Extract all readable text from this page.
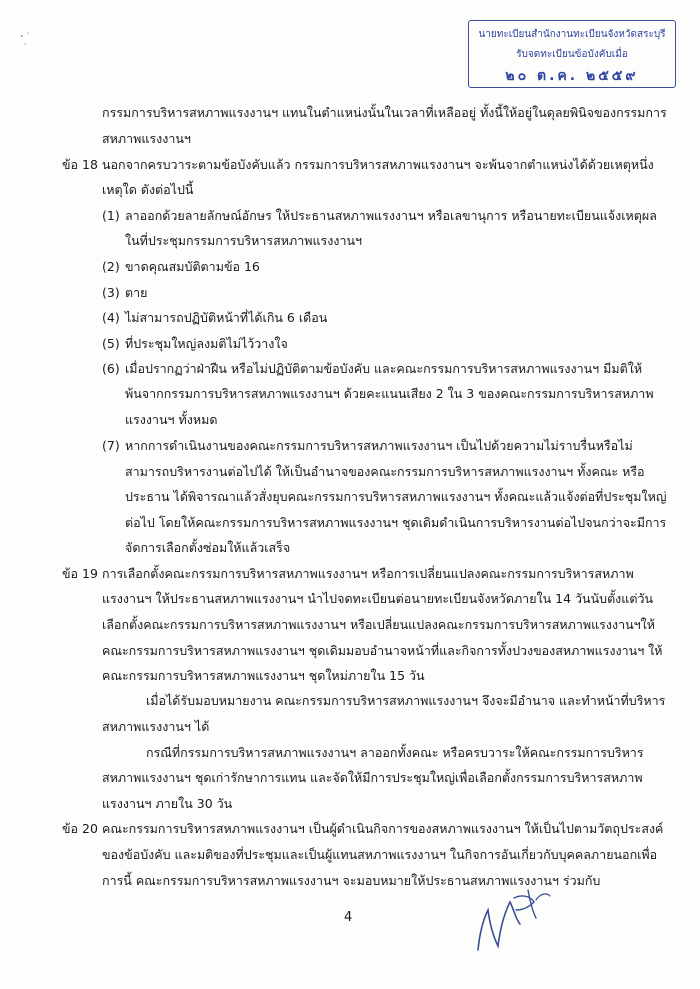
นายทะเบียนสำนักงานทะเบียนจังหวัดสระบุรี
รับจดทะเบียนข้อบังคับเมื่อ
๒๐ ต.ค. ๒๕๕๙
กรรมการบริหารสหภาพแรงงานฯ แทนในตำแหน่งนั้นในเวลาที่เหลืออยู่ ทั้งนี้ให้อยู่ในดุลยพินิจของกรรมการ
สหภาพแรงงานฯ
ข้อ 18 นอกจากครบวาระตามข้อบังคับแล้ว กรรมการบริหารสหภาพแรงงานฯ จะพ้นจากตำแหน่งได้ด้วยเหตุหนึ่ง
เหตุใด ดังต่อไปนี้
(1) ลาออกด้วยลายลักษณ์อักษร ให้ประธานสหภาพแรงงานฯ หรือเลขานุการ หรือนายทะเบียนแจ้งเหตุผล
ในที่ประชุมกรรมการบริหารสหภาพแรงงานฯ
(2) ขาดคุณสมบัติตามข้อ 16
(3) ตาย
(4) ไม่สามารถปฏิบัติหน้าที่ได้เกิน 6 เดือน
(5) ที่ประชุมใหญ่ลงมติไม่ไว้วางใจ
(6) เมื่อปรากฏว่าฝ่าฝืน หรือไม่ปฏิบัติตามข้อบังคับ และคณะกรรมการบริหารสหภาพแรงงานฯ มีมติให้
พ้นจากกรรมการบริหารสหภาพแรงงานฯ ด้วยคะแนนเสียง 2 ใน 3 ของคณะกรรมการบริหารสหภาพ
แรงงานฯ ทั้งหมด
(7) หากการดำเนินงานของคณะกรรมการบริหารสหภาพแรงงานฯ เป็นไปด้วยความไม่ราบรื่นหรือไม่
สามารถบริหารงานต่อไปได้ ให้เป็นอำนาจของคณะกรรมการบริหารสหภาพแรงงานฯ ทั้งคณะ หรือ
ประธาน ได้พิจารณาแล้วสั่งยุบคณะกรรมการบริหารสหภาพแรงงานฯ ทั้งคณะแล้วแจ้งต่อที่ประชุมใหญ่
ต่อไป โดยให้คณะกรรมการบริหารสหภาพแรงงานฯ ชุดเดิมดำเนินการบริหารงานต่อไปจนกว่าจะมีการ
จัดการเลือกตั้งซ่อมให้แล้วเสร็จ
ข้อ 19 การเลือกตั้งคณะกรรมการบริหารสหภาพแรงงานฯ หรือการเปลี่ยนแปลงคณะกรรมการบริหารสหภาพ
แรงงานฯ ให้ประธานสหภาพแรงงานฯ นำไปจดทะเบียนต่อนายทะเบียนจังหวัดภายใน 14 วันนับตั้งแต่วัน
เลือกตั้งคณะกรรมการบริหารสหภาพแรงงานฯ หรือเปลี่ยนแปลงคณะกรรมการบริหารสหภาพแรงงานฯให้
คณะกรรมการบริหารสหภาพแรงงานฯ ชุดเดิมมอบอำนาจหน้าที่และกิจการทั้งปวงของสหภาพแรงงานฯ ให้
คณะกรรมการบริหารสหภาพแรงงานฯ ชุดใหม่ภายใน 15 วัน
เมื่อได้รับมอบหมายงาน คณะกรรมการบริหารสหภาพแรงงานฯ จึงจะมีอำนาจ และทำหน้าที่บริหาร
สหภาพแรงงานฯ ได้
กรณีที่กรรมการบริหารสหภาพแรงงานฯ ลาออกทั้งคณะ หรือครบวาระให้คณะกรรมการบริหาร
สหภาพแรงงานฯ ชุดเก่ารักษาการแทน และจัดให้มีการประชุมใหญ่เพื่อเลือกตั้งกรรมการบริหารสหภาพ
แรงงานฯ ภายใน 30 วัน
ข้อ 20 คณะกรรมการบริหารสหภาพแรงงานฯ เป็นผู้ดำเนินกิจการของสหภาพแรงงานฯ ให้เป็นไปตามวัตถุประสงค์
ของข้อบังคับ และมติของที่ประชุมและเป็นผู้แทนสหภาพแรงงานฯ ในกิจการอันเกี่ยวกับบุคคลภายนอกเพื่อ
การนี้ คณะกรรมการบริหารสหภาพแรงงานฯ จะมอบหมายให้ประธานสหภาพแรงงานฯ ร่วมกับ
4
